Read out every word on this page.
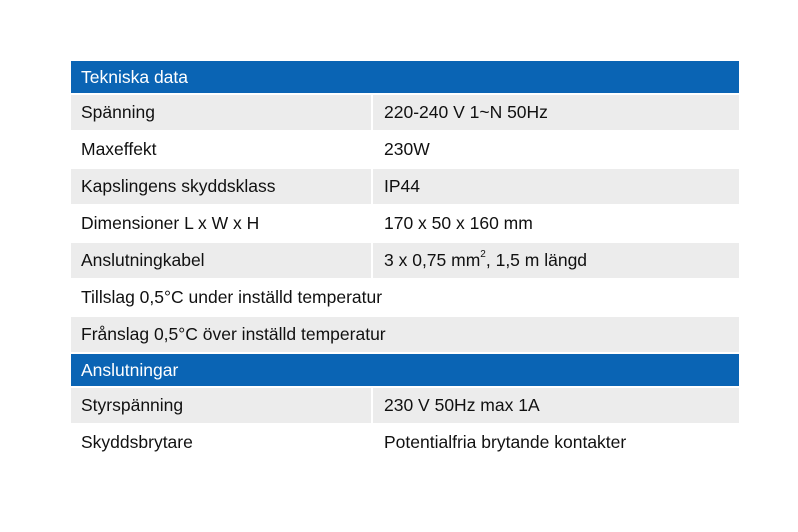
Tekniska data
Spänning	220-240 V 1~N 50Hz
Maxeffekt	230W
Kapslingens skyddsklass	IP44
Dimensioner L x W x H	170 x 50 x 160 mm
Anslutningkabel	3 x 0,75 $mm^2$ , 1,5 m längd
Tillslag 0,5°C under inställd temperatur
Frånslag 0,5°C över inställd temperatur
Anslutningar
Styrspänning	230 V 50Hz max 1A
Skyddsbrytare	Potentialfria brytande kontakter
